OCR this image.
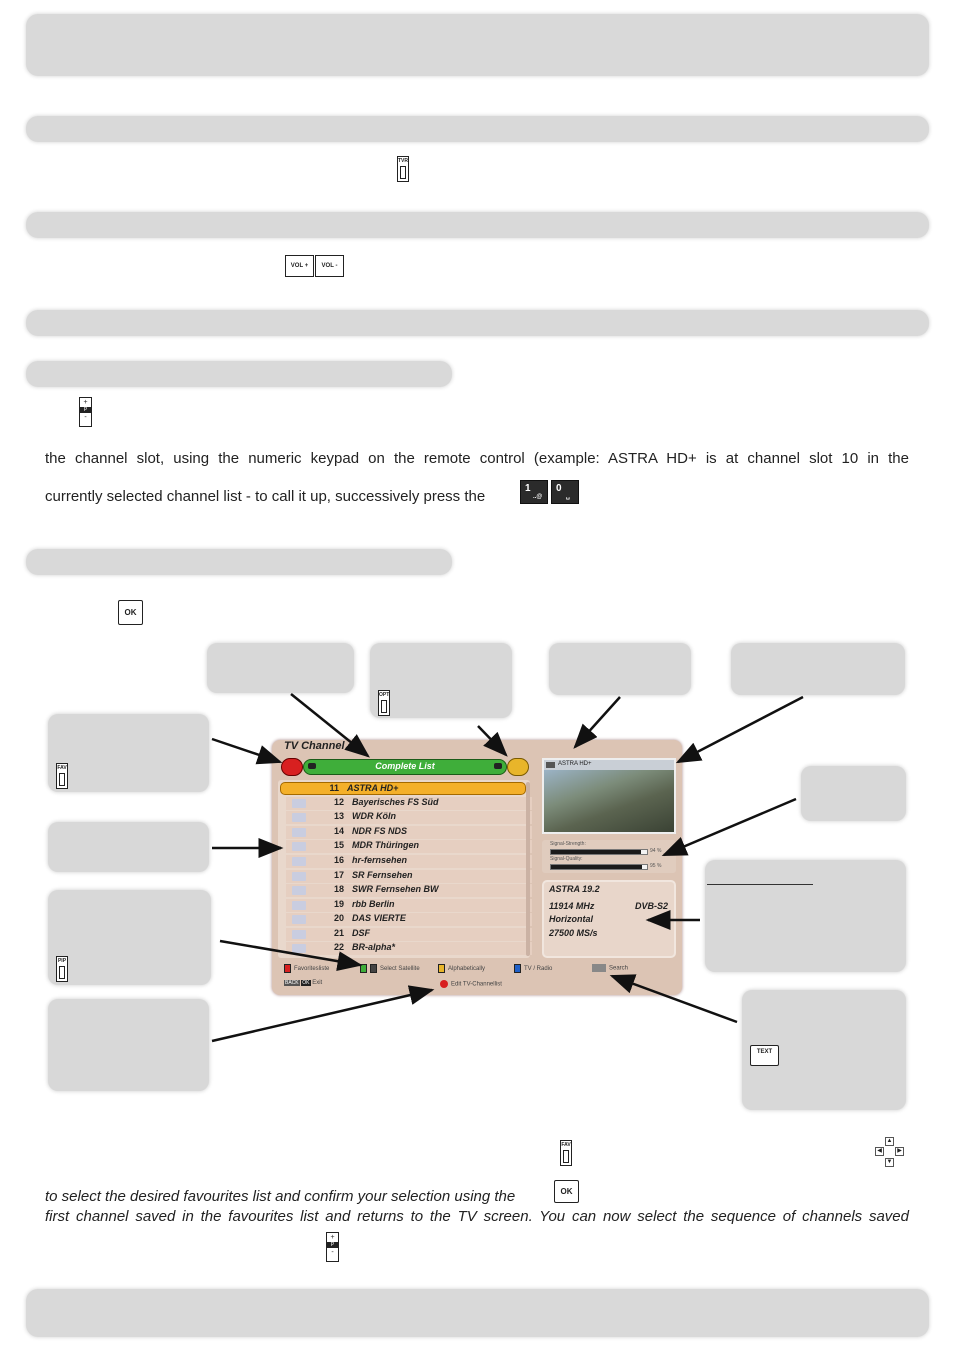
TVR
VOL +	VOL -
+
P
-
the channel slot, using the numeric keypad on the remote control (example: ASTRA HD+ is at channel slot 10 in the
currently selected channel list - to call it up, successively press the	1
..@
0
␣
OK
OPT
FAV
PIP
TEXT
TV Channel
Complete List
11 ASTRA HD+
12 Bayerisches FS Süd
13 WDR Köln
14 NDR FS NDS
15 MDR Thüringen
16 hr-fernsehen
17 SR Fernsehen
18 SWR Fernsehen BW
19 rbb Berlin
20 DAS VIERTE
21 DSF
22 BR-alpha*
ASTRA HD+
Signal-Strength:
94 %
Signal-Quality:
95 %
ASTRA 19.2
11914 MHz	DVB-S2
Horizontal
27500 MS/s
Favoritesliste	Select Satellite	Alphabetically	TV / Radio	Search
BACK OK Exit	Edit TV-Channellist
FAV
▲
◀	▶
▼
to select the desired favourites list and confirm your selection using the	OK
first channel saved in the favourites list and returns to the TV screen. You can now select the sequence of channels saved
+
P
-
